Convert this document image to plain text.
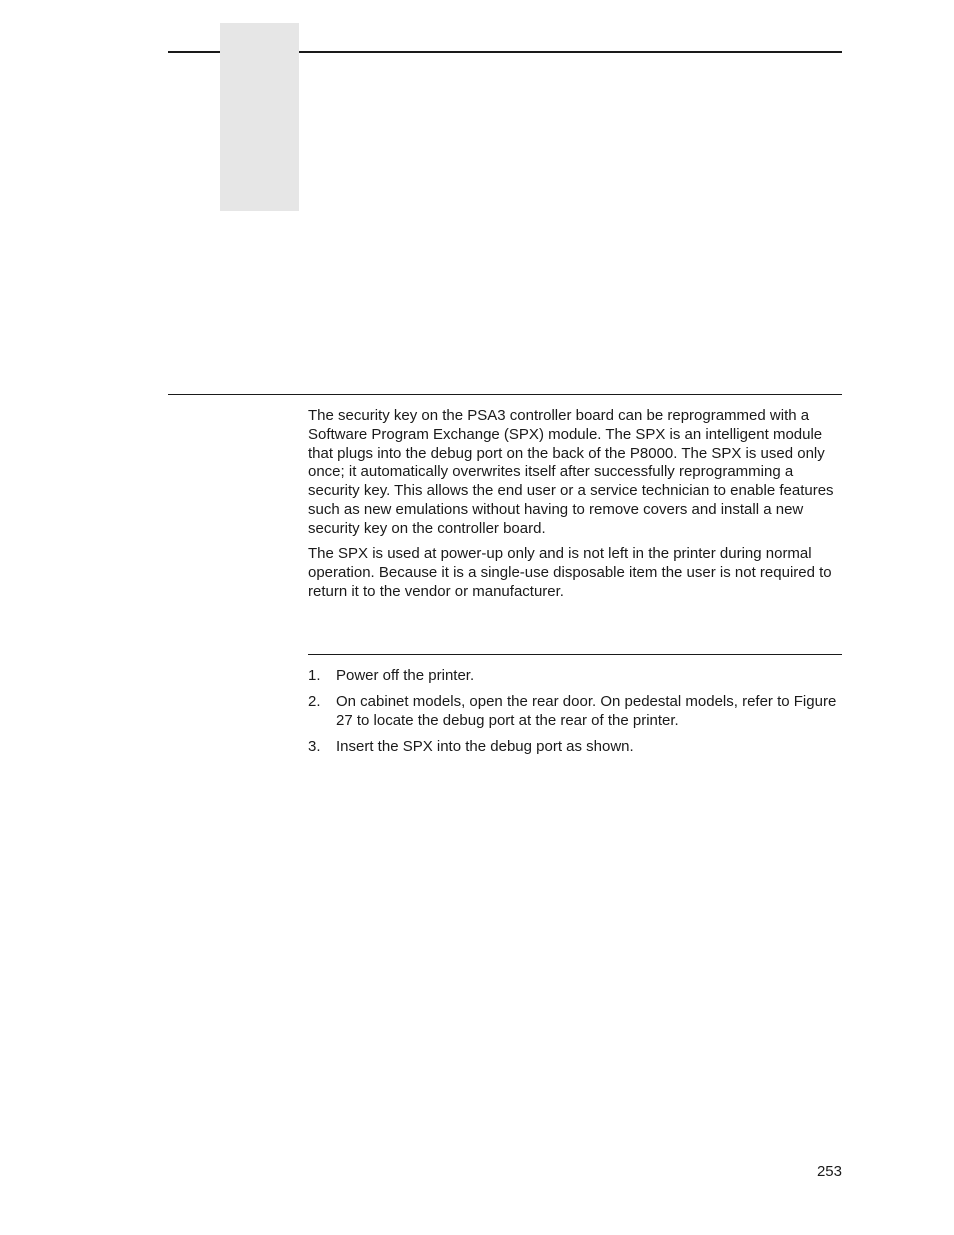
The security key on the PSA3 controller board can be reprogrammed with a Software Program Exchange (SPX) module. The SPX is an intelligent module that plugs into the debug port on the back of the P8000. The SPX is used only once; it automatically overwrites itself after successfully reprogramming a security key. This allows the end user or a service technician to enable features such as new emulations without having to remove covers and install a new security key on the controller board.

The SPX is used at power-up only and is not left in the printer during normal operation. Because it is a single-use disposable item the user is not required to return it to the vendor or manufacturer.

1. Power off the printer.
2. On cabinet models, open the rear door. On pedestal models, refer to Figure 27 to locate the debug port at the rear of the printer.
3. Insert the SPX into the debug port as shown.
253
